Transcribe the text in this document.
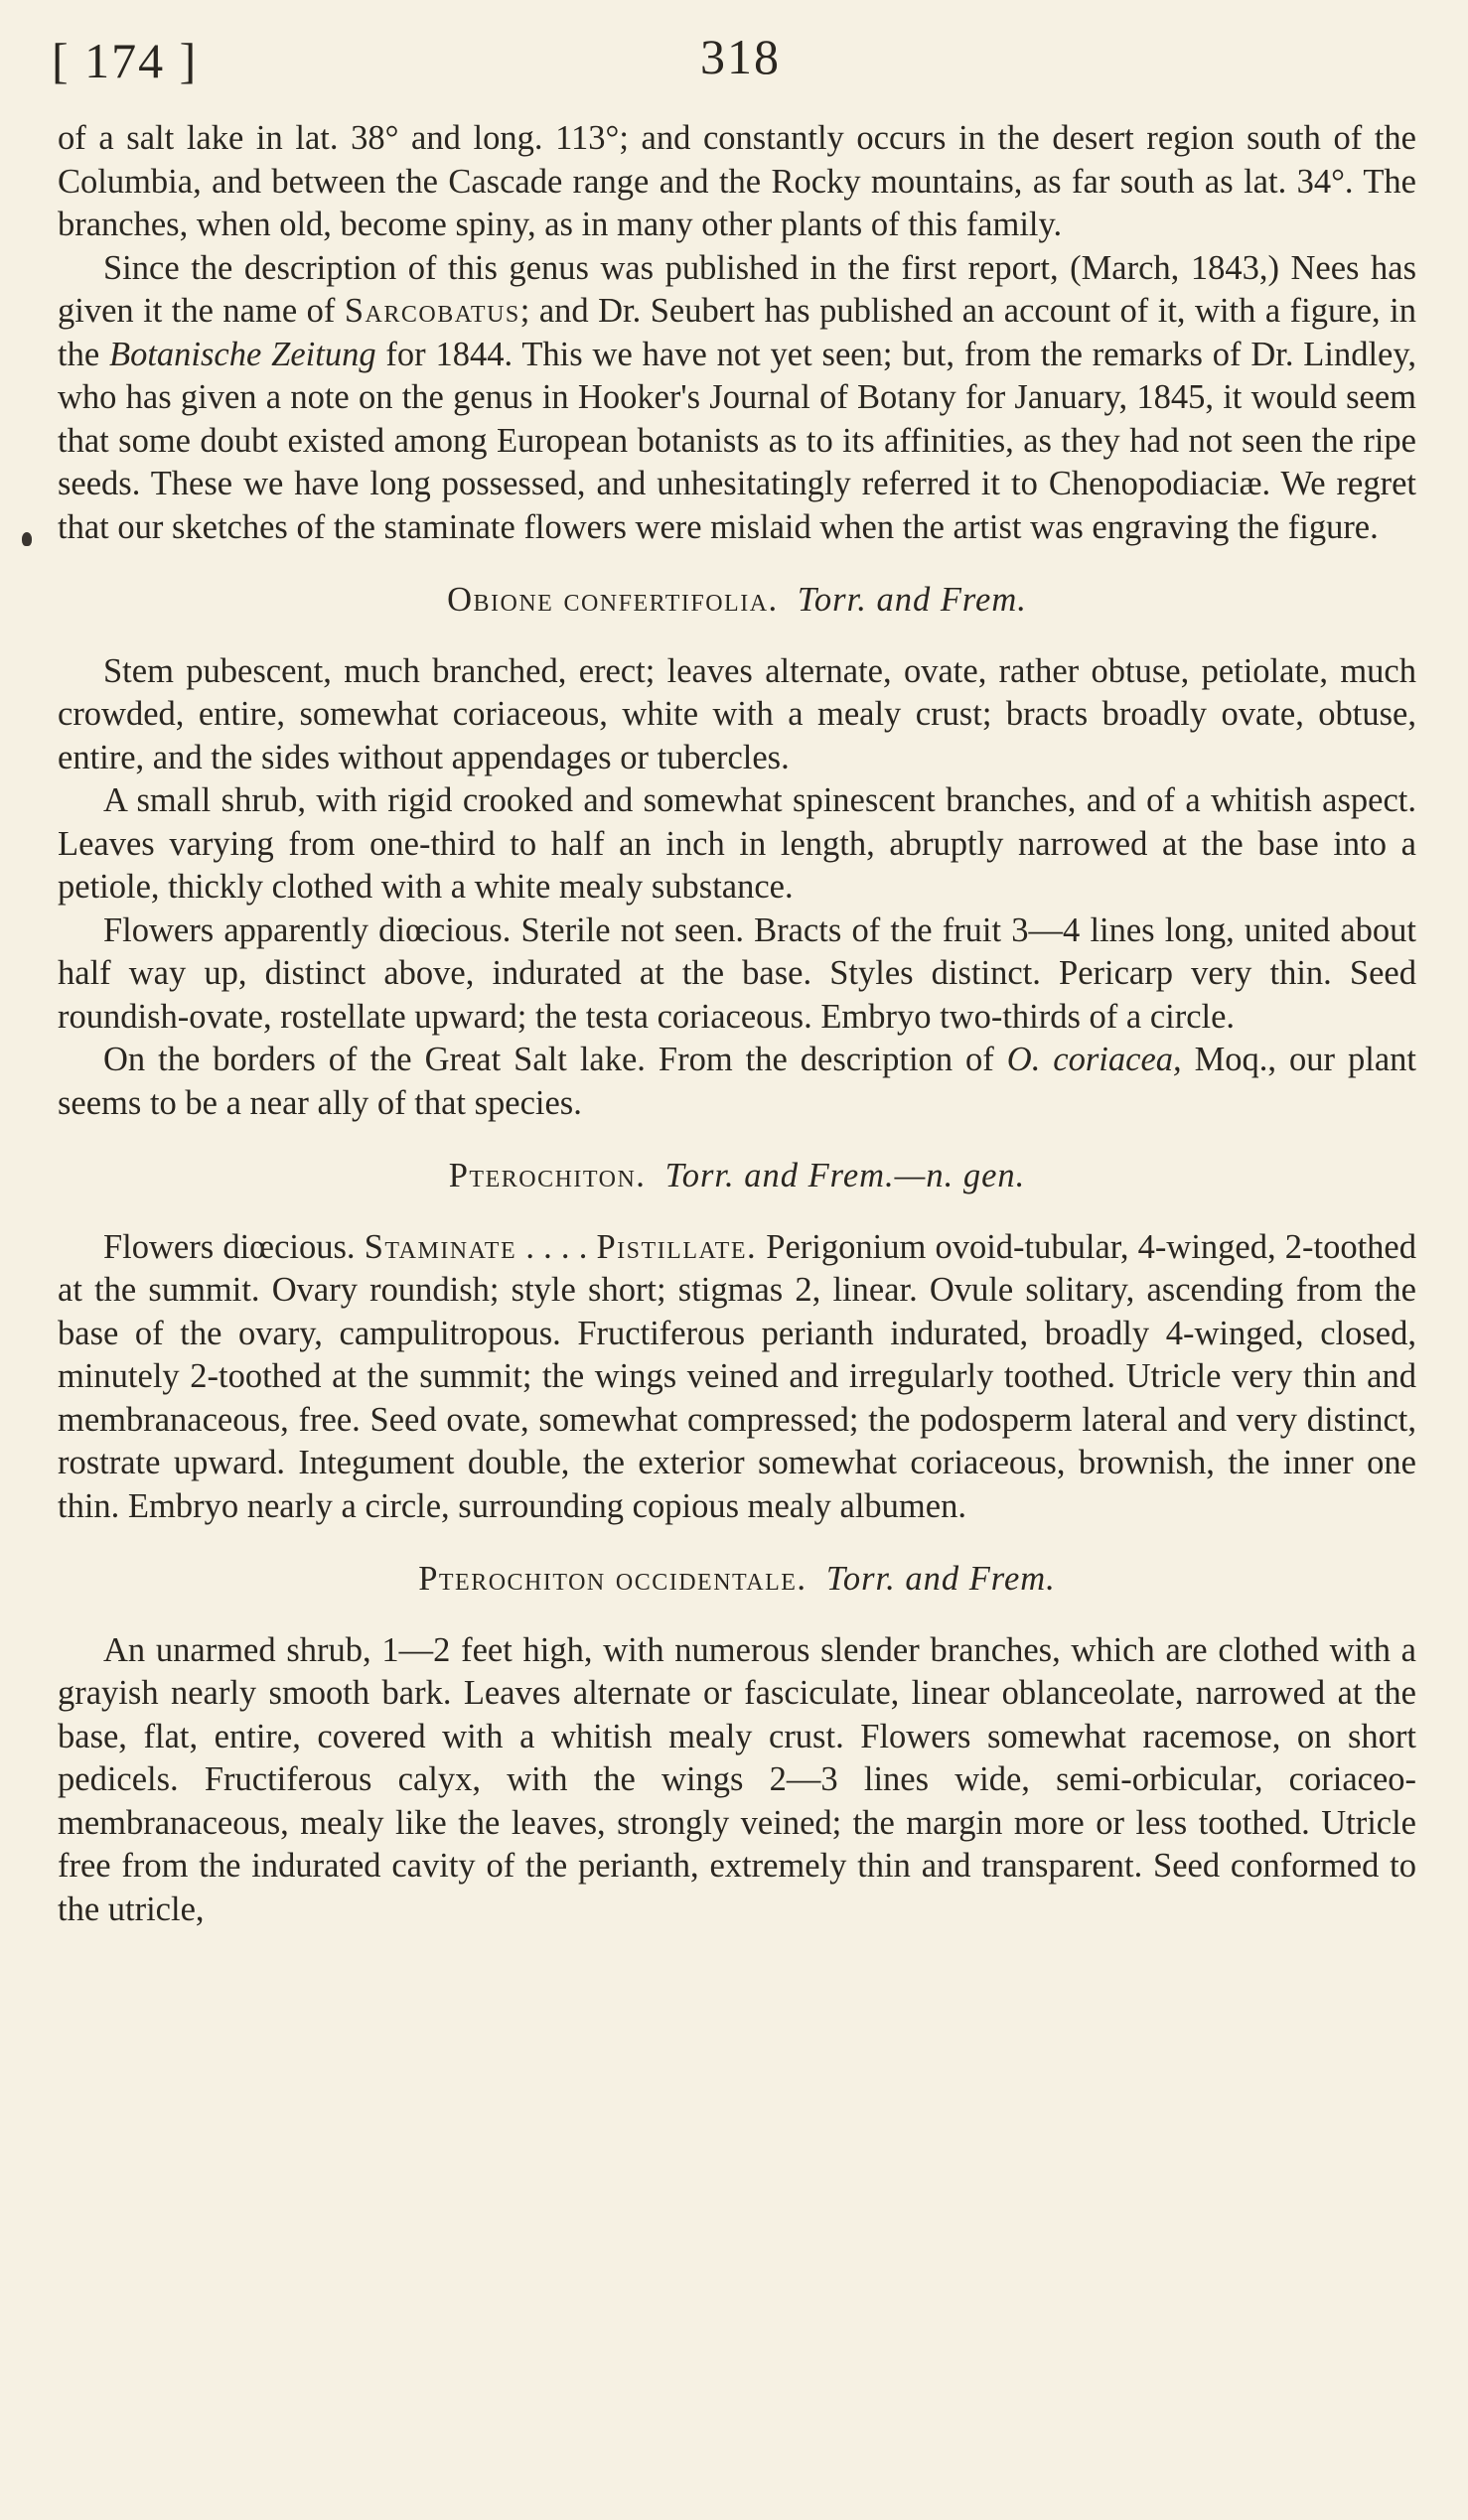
[ 174 ]	318

of a salt lake in lat. 38° and long. 113°; and constantly occurs in the desert region south of the Columbia, and between the Cascade range and the Rocky mountains, as far south as lat. 34°. The branches, when old, become spiny, as in many other plants of this family.

Since the description of this genus was published in the first report, (March, 1843,) Nees has given it the name of Sarcobatus; and Dr. Seubert has published an account of it, with a figure, in the Botanische Zeitung for 1844. This we have not yet seen; but, from the remarks of Dr. Lindley, who has given a note on the genus in Hooker's Journal of Botany for January, 1845, it would seem that some doubt existed among European botanists as to its affinities, as they had not seen the ripe seeds. These we have long possessed, and unhesitatingly referred it to Chenopodiaciæ. We regret that our sketches of the staminate flowers were mislaid when the artist was engraving the figure.

Obione confertifolia. Torr. and Frem.

Stem pubescent, much branched, erect; leaves alternate, ovate, rather obtuse, petiolate, much crowded, entire, somewhat coriaceous, white with a mealy crust; bracts broadly ovate, obtuse, entire, and the sides without appendages or tubercles.

A small shrub, with rigid crooked and somewhat spinescent branches, and of a whitish aspect. Leaves varying from one-third to half an inch in length, abruptly narrowed at the base into a petiole, thickly clothed with a white mealy substance.

Flowers apparently diœcious. Sterile not seen. Bracts of the fruit 3—4 lines long, united about half way up, distinct above, indurated at the base. Styles distinct. Pericarp very thin. Seed roundish-ovate, rostellate upward; the testa coriaceous. Embryo two-thirds of a circle.

On the borders of the Great Salt lake. From the description of O. coriacea, Moq., our plant seems to be a near ally of that species.

Pterochiton. Torr. and Frem.—n. gen.

Flowers diœcious. Staminate . . . . Pistillate. Perigonium ovoid-tubular, 4-winged, 2-toothed at the summit. Ovary roundish; style short; stigmas 2, linear. Ovule solitary, ascending from the base of the ovary, campulitropous. Fructiferous perianth indurated, broadly 4-winged, closed, minutely 2-toothed at the summit; the wings veined and irregularly toothed. Utricle very thin and membranaceous, free. Seed ovate, somewhat compressed; the podosperm lateral and very distinct, rostrate upward. Integument double, the exterior somewhat coriaceous, brownish, the inner one thin. Embryo nearly a circle, surrounding copious mealy albumen.

Pterochiton occidentale. Torr. and Frem.

An unarmed shrub, 1—2 feet high, with numerous slender branches, which are clothed with a grayish nearly smooth bark. Leaves alternate or fasciculate, linear oblanceolate, narrowed at the base, flat, entire, covered with a whitish mealy crust. Flowers somewhat racemose, on short pedicels. Fructiferous calyx, with the wings 2—3 lines wide, semi-orbicular, coriaceo-membranaceous, mealy like the leaves, strongly veined; the margin more or less toothed. Utricle free from the indurated cavity of the perianth, extremely thin and transparent. Seed conformed to the utricle,
